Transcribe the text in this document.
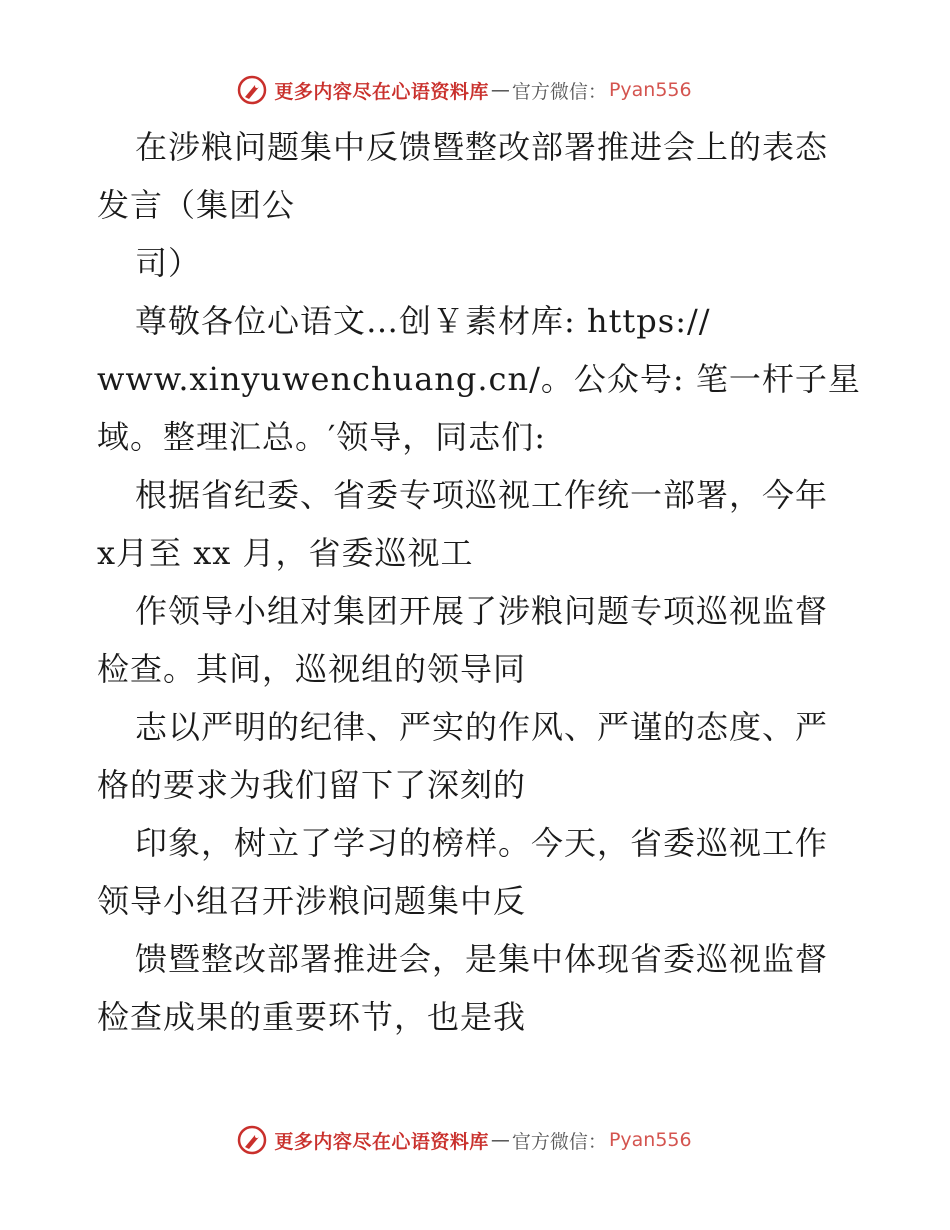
更多内容尽在心语资料库 — 官方微信： Pyan556
在涉粮问题集中反馈暨整改部署推进会上的表态
发言（集团公
司）
尊敬各位心语文…创￥素材库: https://
www.xinyuwenchuang.cn/。公众号: 笔一杆子星
域。整理汇总。′领导，同志们:
根据省纪委、省委专项巡视工作统一部署，今年
x月至 xx 月，省委巡视工
作领导小组对集团开展了涉粮问题专项巡视监督
检查。其间，巡视组的领导同
志以严明的纪律、严实的作风、严谨的态度、严
格的要求为我们留下了深刻的
印象，树立了学习的榜样。今天，省委巡视工作
领导小组召开涉粮问题集中反
馈暨整改部署推进会，是集中体现省委巡视监督
检查成果的重要环节，也是我
更多内容尽在心语资料库 — 官方微信： Pyan556
